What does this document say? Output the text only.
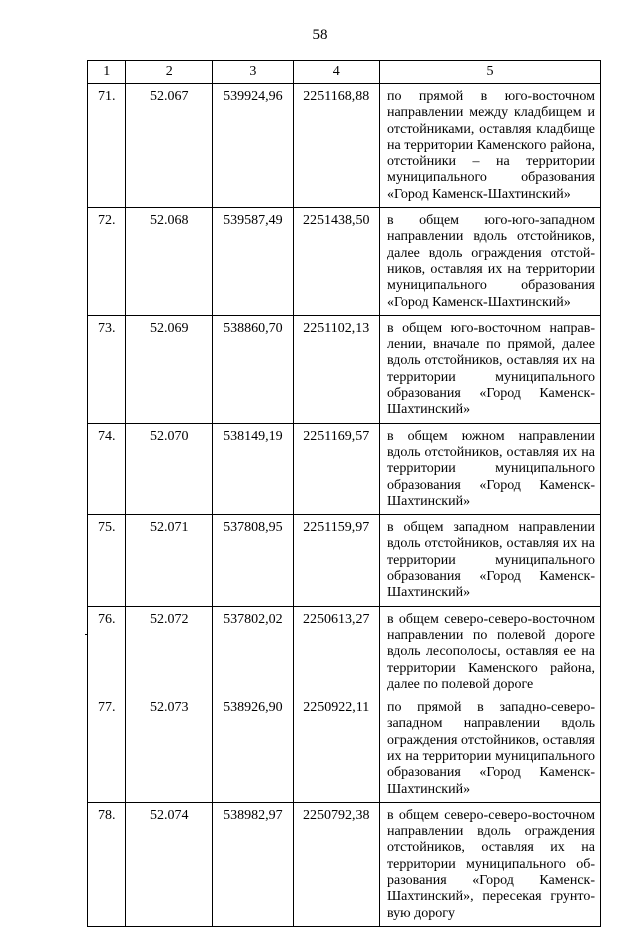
58
1	2	3	4	5

71.	52.067	539924,96	2251168,88	по прямой в юго-восточном направлении между кладбищем и отстойниками, оставляя кладбище на территории Каменского района, отстойники – на территории муниципального образования «Город Каменск-Шахтинский»

72.	52.068	539587,49	2251438,50	в общем юго-юго-западном направлении вдоль отстойников, далее вдоль ограждения отстойников, оставляя их на территории муниципального образования «Город Каменск-Шахтинский»

73.	52.069	538860,70	2251102,13	в общем юго-восточном направлении, вначале по прямой, далее вдоль отстойников, оставляя их на территории муниципального образования «Город Каменск-Шахтинский»

74.	52.070	538149,19	2251169,57	в общем южном направлении вдоль отстойников, оставляя их на территории муниципального образования «Город Каменск-Шахтинский»

75.	52.071	537808,95	2251159,97	в общем западном направлении вдоль отстойников, оставляя их на территории муниципального образования «Город Каменск-Шахтинский»

76.	52.072	537802,02	2250613,27	в общем северо-северо-восточном направлении по полевой дороге вдоль лесополосы, оставляя ее на территории Каменского района, далее по полевой дороге

77.	52.073	538926,90	2250922,11	по прямой в западно-северо-западном направлении вдоль ограждения отстойников, оставляя их на территории муниципального образования «Город Каменск-Шахтинский»

78.	52.074	538982,97	2250792,38	в общем северо-северо-восточном направлении вдоль ограждения отстойников, оставляя их на территории муниципального образования «Город Каменск-Шахтинский», пересекая грунтовую дорогу
